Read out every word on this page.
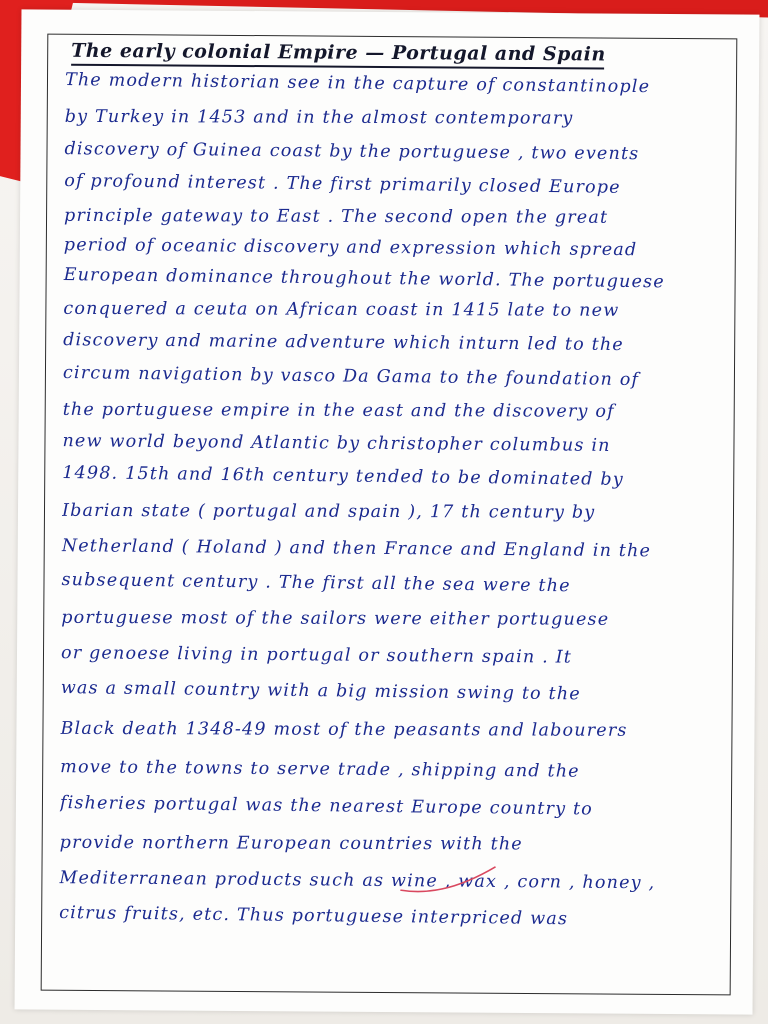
The early colonial Empire — Portugal and Spain
The modern historian see in the capture of constantinople
by Turkey in 1453 and in the almost contemporary
discovery of Guinea coast by the portuguese , two events
of profound interest . The first primarily closed Europe
principle gateway to East . The second open the great
period of oceanic discovery and expression which spread
European dominance throughout the world. The portuguese
conquered a ceuta on African coast in 1415 late to new
discovery and marine adventure which inturn led to the
circum navigation by vasco Da Gama to the foundation of
the portuguese empire in the east and the discovery of
new world beyond Atlantic by christopher columbus in
1498. 15th and 16th century tended to be dominated by
Ibarian state ( portugal and spain ), 17 th century by
Netherland ( Holand ) and then France and England in the
subsequent century . The first all the sea were the
portuguese most of the sailors were either portuguese
or genoese living in portugal or southern spain . It
was a small country with a big mission swing to the
Black death 1348-49 most of the peasants and labourers
move to the towns to serve trade , shipping and the
fisheries portugal was the nearest Europe country to
provide northern European countries with the
Mediterranean products such as wine , wax , corn , honey ,
citrus fruits, etc. Thus portuguese interpriced was
